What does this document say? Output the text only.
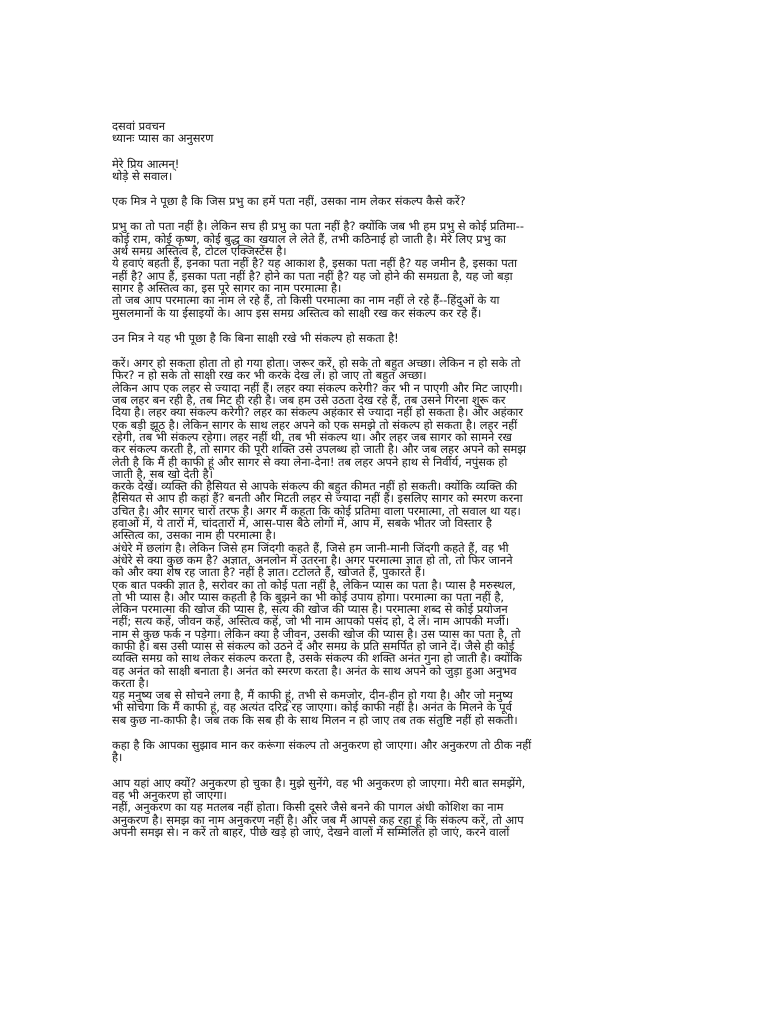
दसवां प्रवचन
ध्यानः प्यास का अनुसरण
मेरे प्रिय आत्मन्!
थोड़े से सवाल।
एक मित्र ने पूछा है कि जिस प्रभु का हमें पता नहीं, उसका नाम लेकर संकल्प कैसे करें?
प्रभु का तो पता नहीं है। लेकिन सच ही प्रभु का पता नहीं है? क्योंकि जब भी हम प्रभु से कोई प्रतिमा--
कोई राम, कोई कृष्ण, कोई बुद्ध का खयाल ले लेते हैं, तभी कठिनाई हो जाती है। मेरे लिए प्रभु का
अर्थ समग्र अस्तित्व है, टोटल एक्जिस्टेंस है।
ये हवाएं बहती हैं, इनका पता नहीं है? यह आकाश है, इसका पता नहीं है? यह जमीन है, इसका पता
नहीं है? आप हैं, इसका पता नहीं है? होने का पता नहीं है? यह जो होने की समग्रता है, यह जो बड़ा
सागर है अस्तित्व का, इस पूरे सागर का नाम परमात्मा है।
तो जब आप परमात्मा का नाम ले रहे हैं, तो किसी परमात्मा का नाम नहीं ले रहे हैं--हिंदुओं के या
मुसलमानों के या ईसाइयों के। आप इस समग्र अस्तित्व को साक्षी रख कर संकल्प कर रहे हैं।
उन मित्र ने यह भी पूछा है कि बिना साक्षी रखे भी संकल्प हो सकता है!
करें। अगर हो सकता होता तो हो गया होता। जरूर करें, हो सके तो बहुत अच्छा। लेकिन न हो सके तो
फिर? न हो सके तो साक्षी रख कर भी करके देख लें। हो जाए तो बहुत अच्छा।
लेकिन आप एक लहर से ज्यादा नहीं हैं। लहर क्या संकल्प करेगी? कर भी न पाएगी और मिट जाएगी।
जब लहर बन रही है, तब मिट ही रही है। जब हम उसे उठता देख रहे हैं, तब उसने गिरना शुरू कर
दिया है। लहर क्या संकल्प करेगी? लहर का संकल्प अहंकार से ज्यादा नहीं हो सकता है। और अहंकार
एक बड़ी झूठ है। लेकिन सागर के साथ लहर अपने को एक समझे तो संकल्प हो सकता है। लहर नहीं
रहेगी, तब भी संकल्प रहेगा। लहर नहीं थी, तब भी संकल्प था। और लहर जब सागर को सामने रख
कर संकल्प करती है, तो सागर की पूरी शक्ति उसे उपलब्ध हो जाती है। और जब लहर अपने को समझ
लेती है कि मैं ही काफी हूं और सागर से क्या लेना-देना! तब लहर अपने हाथ से निर्वीर्य, नपुंसक हो
जाती है, सब खो देती है।
करके देखें। व्यक्ति की हैसियत से आपके संकल्प की बहुत कीमत नहीं हो सकती। क्योंकि व्यक्ति की
हैसियत से आप ही कहां हैं? बनती और मिटती लहर से ज्यादा नहीं हैं। इसलिए सागर को स्मरण करना
उचित है। और सागर चारों तरफ है। अगर मैं कहता कि कोई प्रतिमा वाला परमात्मा, तो सवाल था यह।
हवाओं में, ये तारों में, चांदतारों में, आस-पास बैठे लोगों में, आप में, सबके भीतर जो विस्तार है
अस्तित्व का, उसका नाम ही परमात्मा है।
अंधेरे में छलांग है। लेकिन जिसे हम जिंदगी कहते हैं, जिसे हम जानी-मानी जिंदगी कहते हैं, वह भी
अंधेरे से क्या कुछ कम है? अज्ञात, अनलोन में उतरना है। अगर परमात्मा ज्ञात हो तो, तो फिर जानने
को और क्या शेष रह जाता है? नहीं है ज्ञात। टटोलते हैं, खोजते हैं, पुकारते हैं।
एक बात पक्की ज्ञात है, सरोवर का तो कोई पता नहीं है, लेकिन प्यास का पता है। प्यास है मरुस्थल,
तो भी प्यास है। और प्यास कहती है कि बुझने का भी कोई उपाय होगा। परमात्मा का पता नहीं है,
लेकिन परमात्मा की खोज की प्यास है, सत्य की खोज की प्यास है। परमात्मा शब्द से कोई प्रयोजन
नहीं; सत्य कहें, जीवन कहें, अस्तित्व कहें, जो भी नाम आपको पसंद हो, दे लें। नाम आपकी मर्जी।
नाम से कुछ फर्क न पड़ेगा। लेकिन क्या है जीवन, उसकी खोज की प्यास है। उस प्यास का पता है, तो
काफी है। बस उसी प्यास से संकल्प को उठने दें और समग्र के प्रति समर्पित हो जाने दें। जैसे ही कोई
व्यक्ति समग्र को साथ लेकर संकल्प करता है, उसके संकल्प की शक्ति अनंत गुना हो जाती है। क्योंकि
वह अनंत को साक्षी बनाता है। अनंत को स्मरण करता है। अनंत के साथ अपने को जुड़ा हुआ अनुभव
करता है।
यह मनुष्य जब से सोचने लगा है, मैं काफी हूं, तभी से कमजोर, दीन-हीन हो गया है। और जो मनुष्य
भी सोचेगा कि मैं काफी हूं, वह अत्यंत दरिद्र रह जाएगा। कोई काफी नहीं है। अनंत के मिलने के पूर्व
सब कुछ ना-काफी है। जब तक कि सब ही के साथ मिलन न हो जाए तब तक संतुष्टि नहीं हो सकती।
कहा है कि आपका सुझाव मान कर करूंगा संकल्प तो अनुकरण हो जाएगा। और अनुकरण तो ठीक नहीं
है।
आप यहां आए क्यों? अनुकरण हो चुका है। मुझे सुनेंगे, वह भी अनुकरण हो जाएगा। मेरी बात समझेंगे,
वह भी अनुकरण हो जाएगा।
नहीं, अनुकरण का यह मतलब नहीं होता। किसी दूसरे जैसे बनने की पागल अंधी कोशिश का नाम
अनुकरण है। समझ का नाम अनुकरण नहीं है। और जब मैं आपसे कह रहा हूं कि संकल्प करें, तो आप
अपनी समझ से। न करें तो बाहर, पीछे खड़े हो जाएं, देखने वालों में सम्मिलित हो जाएं, करने वालों
